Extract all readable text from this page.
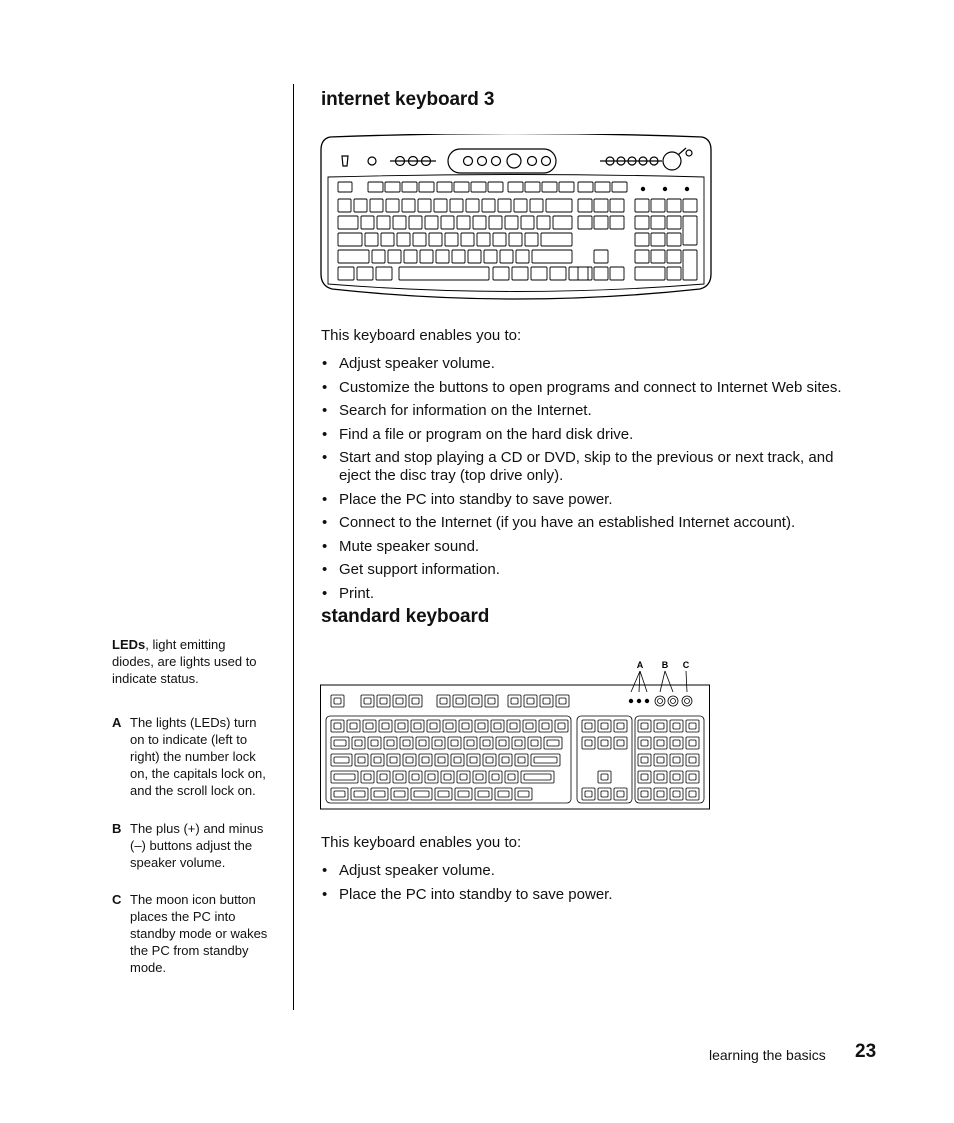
internet keyboard 3

This keyboard enables you to:

• Adjust speaker volume.
• Customize the buttons to open programs and connect to Internet Web sites.
• Search for information on the Internet.
• Find a file or program on the hard disk drive.
• Start and stop playing a CD or DVD, skip to the previous or next track, and eject the disc tray (top drive only).
• Place the PC into standby to save power.
• Connect to the Internet (if you have an established Internet account).
• Mute speaker sound.
• Get support information.
• Print.
standard keyboard
A B C

This keyboard enables you to:

• Adjust speaker volume.
• Place the PC into standby to save power.

LEDs, light emitting diodes, are lights used to indicate status.

A The lights (LEDs) turn on to indicate (left to right) the number lock on, the capitals lock on, and the scroll lock on.
B The plus (+) and minus (–) buttons adjust the speaker volume.
C The moon icon button places the PC into standby mode or wakes the PC from standby mode.
learning the basics 23
